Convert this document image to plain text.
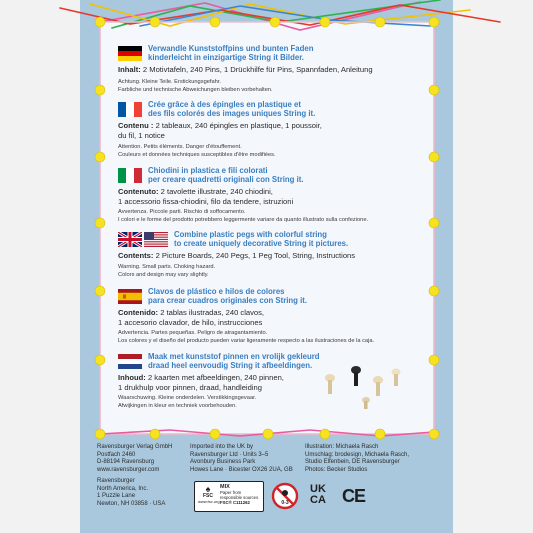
Verwandle Kunststoffpins und bunten Faden
kinderleicht in einzigartige String it Bilder.
Inhalt: 2 Motivtafeln, 240 Pins, 1 Drückhilfe für Pins, Spannfaden, Anleitung
Achtung. Kleine Teile. Erstickungsgefahr.
Farbliche und technische Abweichungen bleiben vorbehalten.
Crée grâce à des épingles en plastique et
des fils colorés des images uniques String it.
Contenu : 2 tableaux, 240 épingles en plastique, 1 poussoir,
du fil, 1 notice
Attention. Petits éléments. Danger d'étouffement.
Couleurs et données techniques susceptibles d'être modifiées.
Chiodini in plastica e fili colorati
per creare quadretti originali con String it.
Contenuto: 2 tavolette illustrate, 240 chiodini,
1 accessorio fissa-chiodini, filo da tendere, istruzioni
Avvertenza. Piccole parti. Rischio di soffocamento.
I colori e le forme del prodotto potrebbero leggermente variare da quanto illustrato sulla confezione.
Combine plastic pegs with colorful string
to create uniquely decorative String it pictures.
Contents: 2 Picture Boards, 240 Pegs, 1 Peg Tool, String, Instructions
Warning. Small parts. Choking hazard.
Colors and design may vary slightly.
Clavos de plástico e hilos de colores
para crear cuadros originales con String it.
Contenido: 2 tablas ilustradas, 240 clavos,
1 accesorio clavador, de hilo, instrucciones
Advertencia. Partes pequeñas. Peligro de atragantamiento.
Los colores y el diseño del producto pueden variar ligeramente respecto a las ilustraciones de la caja.
Maak met kunststof pinnen en vrolijk gekleurd
draad heel eenvoudig String it afbeeldingen.
Inhoud: 2 kaarten met afbeeldingen, 240 pinnen,
1 drukhulp voor pinnen, draad, handleiding
Waarschuwing. Kleine onderdelen. Verstikkingsgevaar.
Afwijkingen in kleur en techniek voorbehouden.
Ravensburger Verlag GmbH
Postfach 2460
D-88194 Ravensburg
www.ravensburger.com
Ravensburger
North America, Inc.
1 Puzzle Lane
Newton, NH 03858 · USA
Imported into the UK by
Ravensburger Ltd · Units 3–5
Avonbury Business Park
Howes Lane · Bicester OX26 2UA, GB
Illustration: Michaela Rasch
Umschlag: brodesign, Michaela Rasch,
Studio Elfenbein, DE Ravensburger
Photos: Becker Studios
♠
FSC
www.fsc.org
MIX
Paper from
responsible sources
FSC® C111262	0-3
UK
CA CE
